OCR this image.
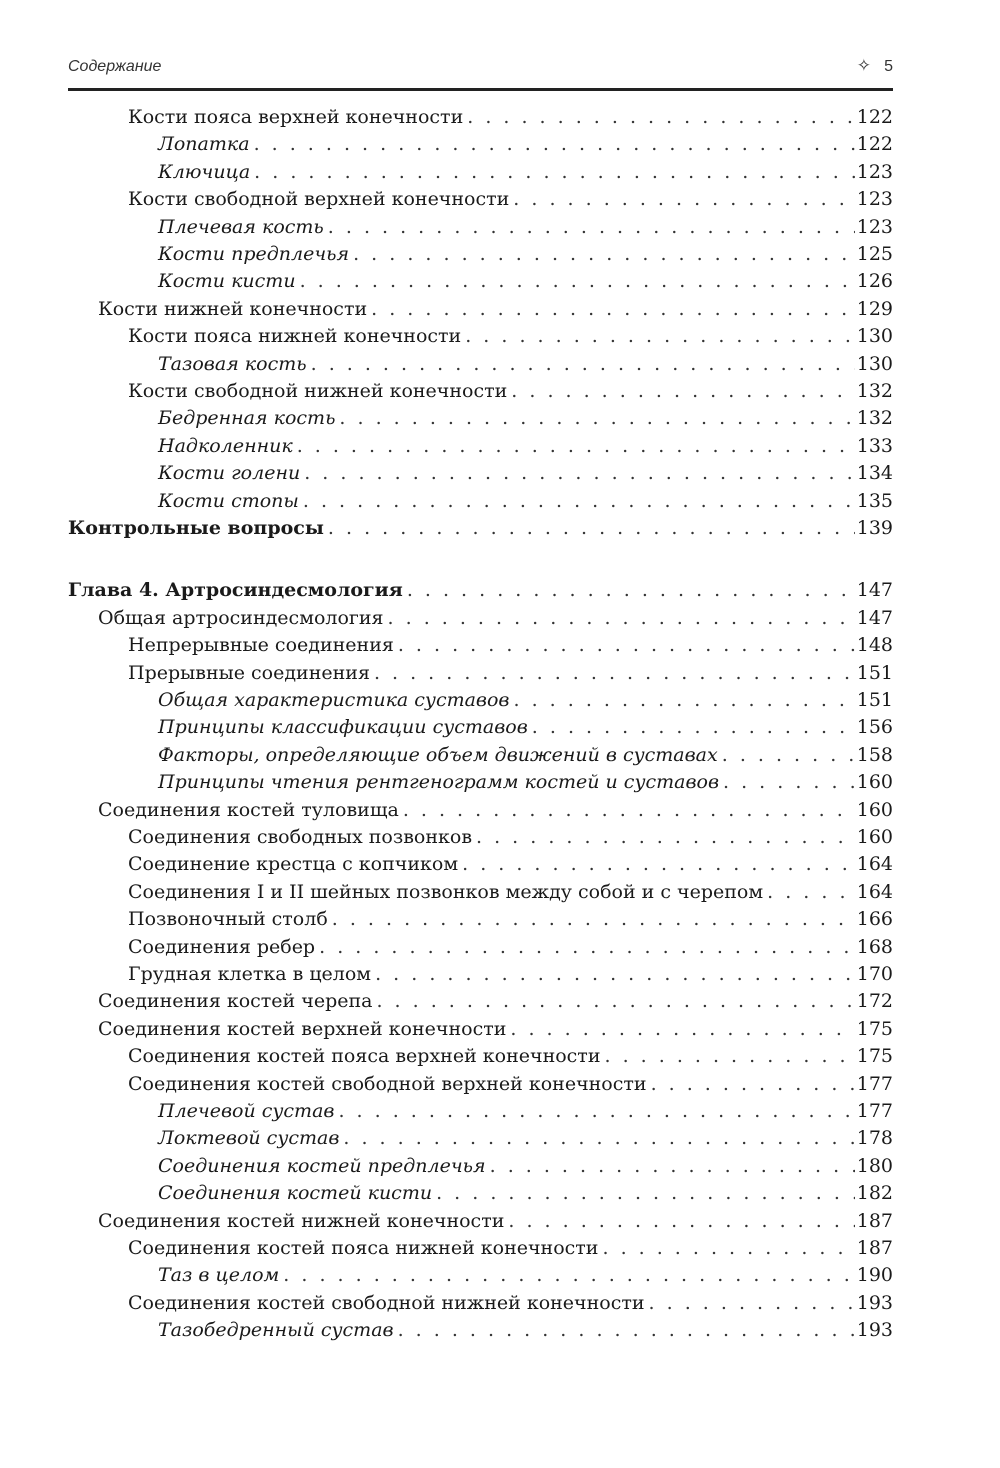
Содержание	✧ 5
Кости пояса верхней конечности . . .	122
Лопатка . . .	122
Ключица . . .	123
Кости свободной верхней конечности . . .	123
Плечевая кость . . .	123
Кости предплечья . . .	125
Кости кисти . . .	126
Кости нижней конечности . . .	129
Кости пояса нижней конечности . . .	130
Тазовая кость . . .	130
Кости свободной нижней конечности . . .	132
Бедренная кость . . .	132
Надколенник . . .	133
Кости голени . . .	134
Кости стопы . . .	135
Контрольные вопросы . . .	139
Глава 4. Артросиндесмология . . .	147
Общая артросиндесмология . . .	147
Непрерывные соединения . . .	148
Прерывные соединения . . .	151
Общая характеристика суставов . . .	151
Принципы классификации суставов . . .	156
Факторы, определяющие объем движений в суставах . . .	158
Принципы чтения рентгенограмм костей и суставов . . .	160
Соединения костей туловища . . .	160
Соединения свободных позвонков . . .	160
Соединение крестца с копчиком . . .	164
Соединения I и II шейных позвонков между собой и с черепом . . .	164
Позвоночный столб . . .	166
Соединения ребер . . .	168
Грудная клетка в целом . . .	170
Соединения костей черепа . . .	172
Соединения костей верхней конечности . . .	175
Соединения костей пояса верхней конечности . . .	175
Соединения костей свободной верхней конечности . . .	177
Плечевой сустав . . .	177
Локтевой сустав . . .	178
Соединения костей предплечья . . .	180
Соединения костей кисти . . .	182
Соединения костей нижней конечности . . .	187
Соединения костей пояса нижней конечности . . .	187
Таз в целом . . .	190
Соединения костей свободной нижней конечности . . .	193
Тазобедренный сустав . . .	193
